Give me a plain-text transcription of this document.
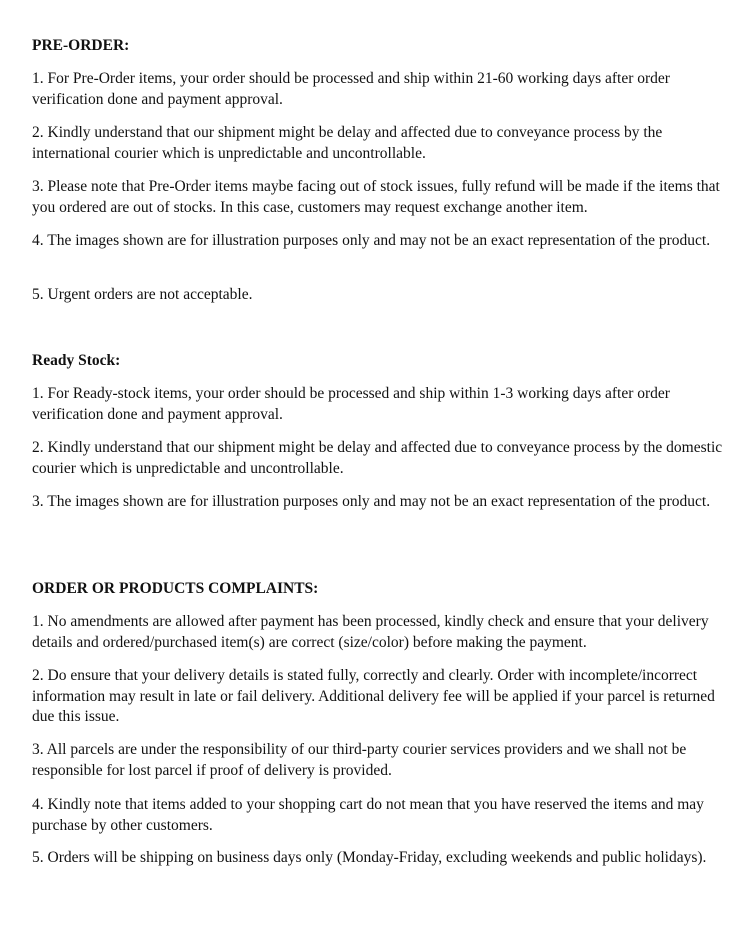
PRE-ORDER:
1. For Pre-Order items, your order should be processed and ship within 21-60 working days after order verification done and payment approval.
2. Kindly understand that our shipment might be delay and affected due to conveyance process by the international courier which is unpredictable and uncontrollable.
3. Please note that Pre-Order items maybe facing out of stock issues, fully refund will be made if the items that you ordered are out of stocks. In this case, customers may request exchange another item.
4. The images shown are for illustration purposes only and may not be an exact representation of the product.
5. Urgent orders are not acceptable.
Ready Stock:
1. For Ready-stock items, your order should be processed and ship within 1-3 working days after order verification done and payment approval.
2. Kindly understand that our shipment might be delay and affected due to conveyance process by the domestic courier which is unpredictable and uncontrollable.
3. The images shown are for illustration purposes only and may not be an exact representation of the product.
ORDER OR PRODUCTS COMPLAINTS:
1. No amendments are allowed after payment has been processed, kindly check and ensure that your delivery details and ordered/purchased item(s) are correct (size/color) before making the payment.
2. Do ensure that your delivery details is stated fully, correctly and clearly. Order with incomplete/incorrect information may result in late or fail delivery. Additional delivery fee will be applied if your parcel is returned due this issue.
3. All parcels are under the responsibility of our third-party courier services providers and we shall not be responsible for lost parcel if proof of delivery is provided.
4. Kindly note that items added to your shopping cart do not mean that you have reserved the items and may purchase by other customers.
5. Orders will be shipping on business days only (Monday-Friday, excluding weekends and public holidays).
